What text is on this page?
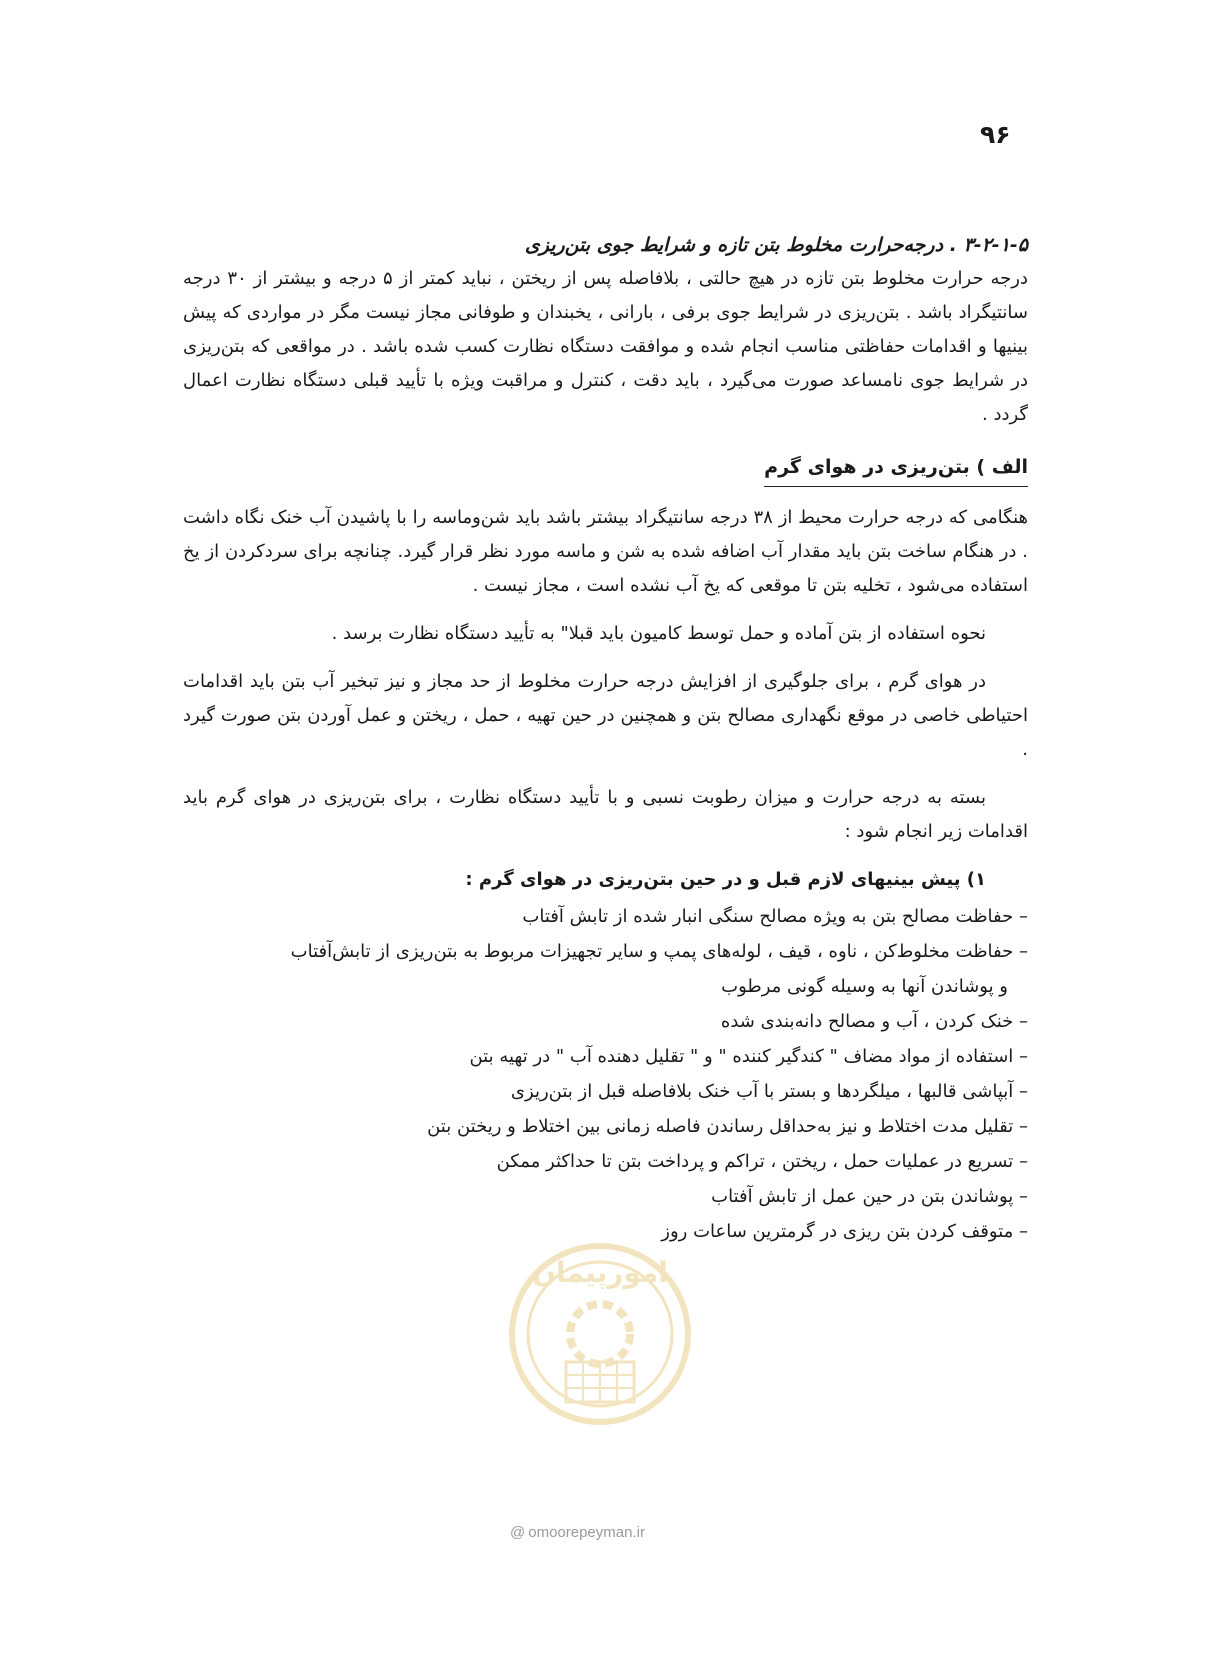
۹۶

۳-۲-۱-۵ . درجه‌حرارت مخلوط بتن تازه و شرایط جوی بتن‌ریزی

درجه حرارت مخلوط بتن تازه در هیچ حالتی ، بلافاصله پس از ریختن ، نباید کمتر از ۵ درجه و بیشتر از ۳۰ درجه سانتیگراد باشد . بتن‌ریزی در شرایط جوی برفی ، بارانی ، یخبندان و طوفانی مجاز نیست مگر در مواردی که پیش بینیها و اقدامات حفاظتی مناسب انجام شده و موافقت دستگاه نظارت کسب شده باشد . در مواقعی که بتن‌ریزی در شرایط جوی نامساعد صورت می‌گیرد ، باید دقت ، کنترل و مراقبت ویژه با تأیید قبلی دستگاه نظارت اعمال گردد .

الف ) بتن‌ریزی در هوای گرم

هنگامی که درجه حرارت محیط از ۳۸ درجه سانتیگراد بیشتر باشد باید شن‌وماسه را با پاشیدن آب خنک نگاه داشت . در هنگام ساخت بتن باید مقدار آب اضافه شده به شن و ماسه مورد نظر قرار گیرد. چنانچه برای سردکردن از یخ استفاده می‌شود ، تخلیه بتن تا موقعی که یخ آب نشده است ، مجاز نیست .

نحوه استفاده از بتن آماده و حمل توسط کامیون باید قبلا" به تأیید دستگاه نظارت برسد .

در هوای گرم ، برای جلوگیری از افزایش درجه حرارت مخلوط از حد مجاز و نیز تبخیر آب بتن باید اقدامات احتیاطی خاصی در موقع نگهداری مصالح بتن و همچنین در حین تهیه ، حمل ، ریختن و عمل آوردن بتن صورت گیرد .

بسته به درجه حرارت و میزان رطوبت نسبی و با تأیید دستگاه نظارت ، برای بتن‌ریزی در هوای گرم باید اقدامات زیر انجام شود :

۱) پیش بینیهای لازم قبل و در حین بتن‌ریزی در هوای گرم :

– حفاظت مصالح بتن به ویژه مصالح سنگی انبار شده از تابش آفتاب
– حفاظت مخلوط‌کن ، ناوه ، قیف ، لوله‌های پمپ و سایر تجهیزات مربوط به بتن‌ریزی از تابش‌آفتاب
و پوشاندن آنها به وسیله گونی مرطوب
– خنک کردن ، آب و مصالح دانه‌بندی شده
– استفاده از مواد مضاف " کندگیر کننده " و " تقلیل دهنده آب " در تهیه بتن
– آبپاشی قالبها ، میلگردها و بستر با آب خنک بلافاصله قبل از بتن‌ریزی
– تقلیل مدت اختلاط و نیز به‌حداقل رساندن فاصله زمانی بین اختلاط و ریختن بتن
– تسریع در عملیات حمل ، ریختن ، تراکم و پرداخت بتن تا حداکثر ممکن
– پوشاندن بتن در حین عمل از تابش آفتاب
– متوقف کردن بتن ریزی در گرمترین ساعات روز
امورپیمان
@ omoorepeyman.ir
